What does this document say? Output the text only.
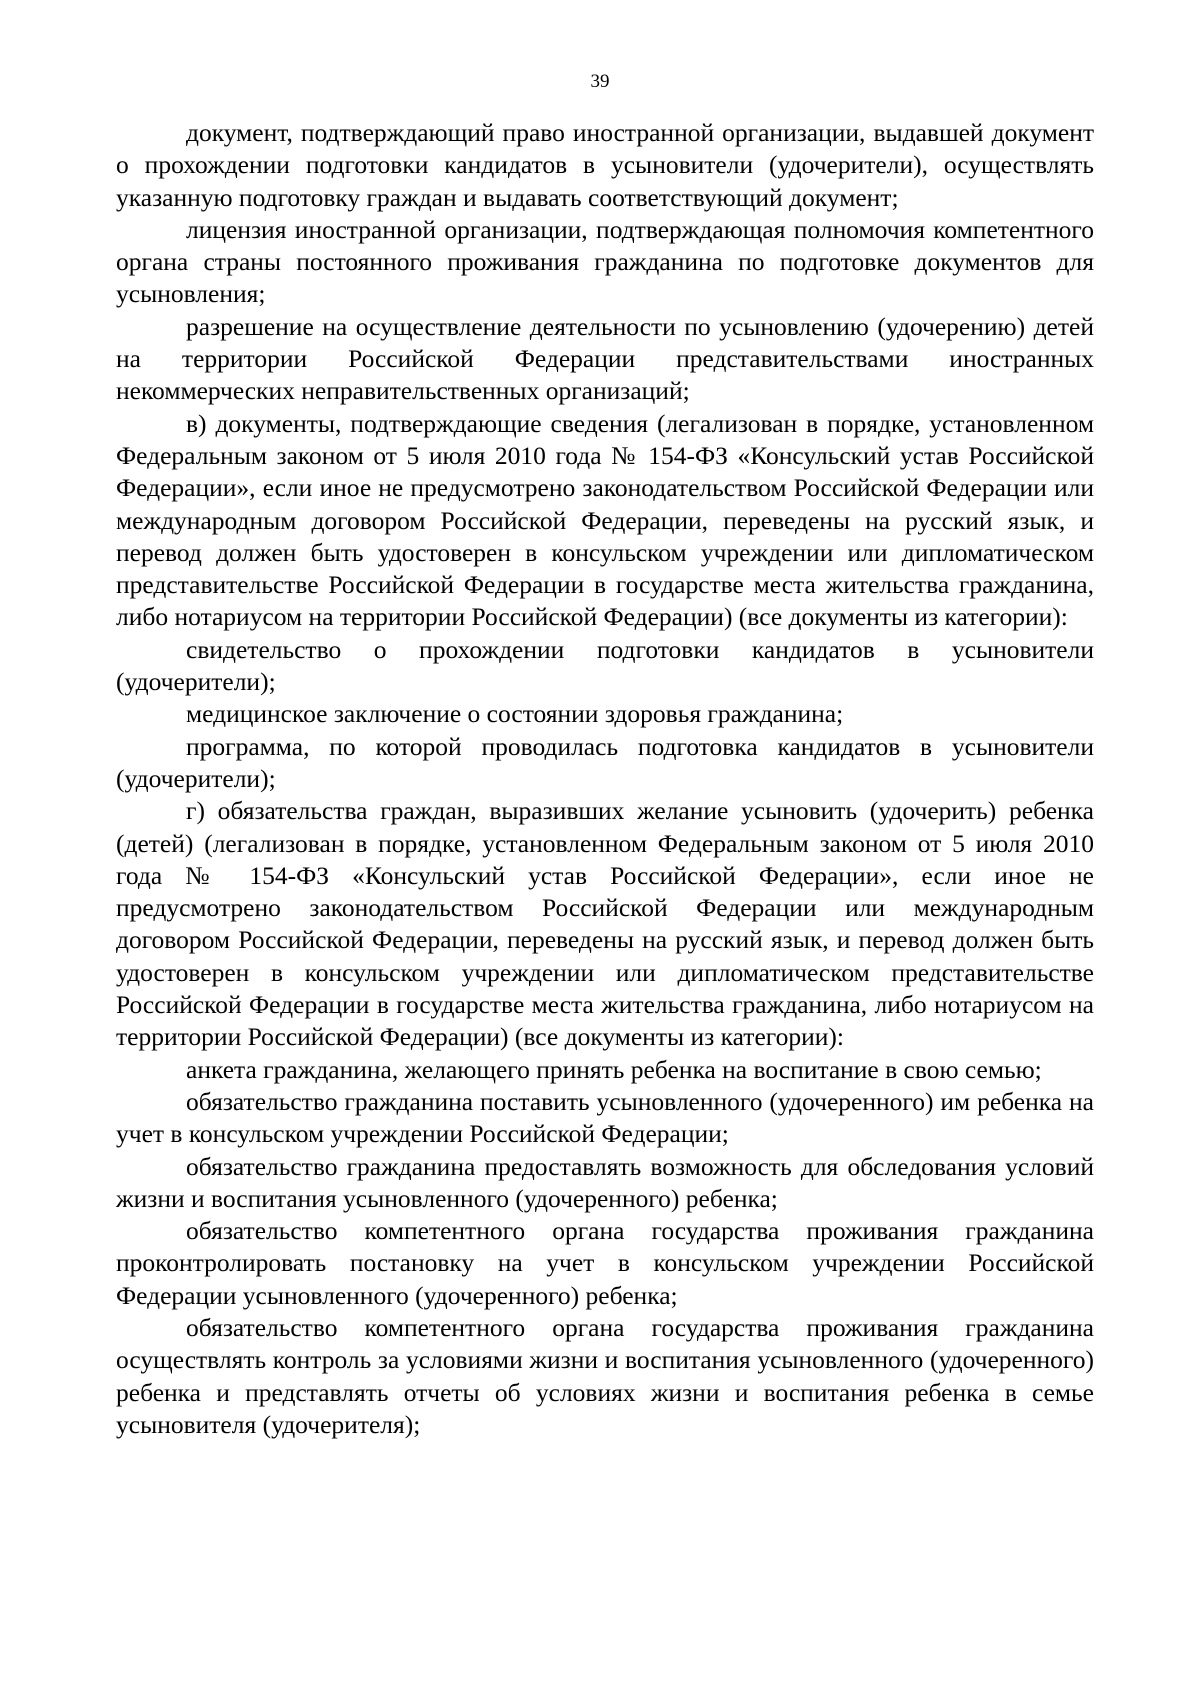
39

документ, подтверждающий право иностранной организации, выдавшей документ о прохождении подготовки кандидатов в усыновители (удочерители), осуществлять указанную подготовку граждан и выдавать соответствующий документ;

лицензия иностранной организации, подтверждающая полномочия компетентного органа страны постоянного проживания гражданина по подготовке документов для усыновления;

разрешение на осуществление деятельности по усыновлению (удочерению) детей на территории Российской Федерации представительствами иностранных некоммерческих неправительственных организаций;

в) документы, подтверждающие сведения (легализован в порядке, установленном Федеральным законом от 5 июля 2010 года № 154-ФЗ «Консульский устав Российской Федерации», если иное не предусмотрено законодательством Российской Федерации или международным договором Российской Федерации, переведены на русский язык, и перевод должен быть удостоверен в консульском учреждении или дипломатическом представительстве Российской Федерации в государстве места жительства гражданина, либо нотариусом на территории Российской Федерации) (все документы из категории):

свидетельство о прохождении подготовки кандидатов в усыновители (удочерители);

медицинское заключение о состоянии здоровья гражданина;

программа, по которой проводилась подготовка кандидатов в усыновители (удочерители);

г) обязательства граждан, выразивших желание усыновить (удочерить) ребенка (детей) (легализован в порядке, установленном Федеральным законом от 5 июля 2010 года № 154-ФЗ «Консульский устав Российской Федерации», если иное не предусмотрено законодательством Российской Федерации или международным договором Российской Федерации, переведены на русский язык, и перевод должен быть удостоверен в консульском учреждении или дипломатическом представительстве Российской Федерации в государстве места жительства гражданина, либо нотариусом на территории Российской Федерации) (все документы из категории):

анкета гражданина, желающего принять ребенка на воспитание в свою семью;

обязательство гражданина поставить усыновленного (удочеренного) им ребенка на учет в консульском учреждении Российской Федерации;

обязательство гражданина предоставлять возможность для обследования условий жизни и воспитания усыновленного (удочеренного) ребенка;

обязательство компетентного органа государства проживания гражданина проконтролировать постановку на учет в консульском учреждении Российской Федерации усыновленного (удочеренного) ребенка;

обязательство компетентного органа государства проживания гражданина осуществлять контроль за условиями жизни и воспитания усыновленного (удочеренного) ребенка и представлять отчеты об условиях жизни и воспитания ребенка в семье усыновителя (удочерителя);
